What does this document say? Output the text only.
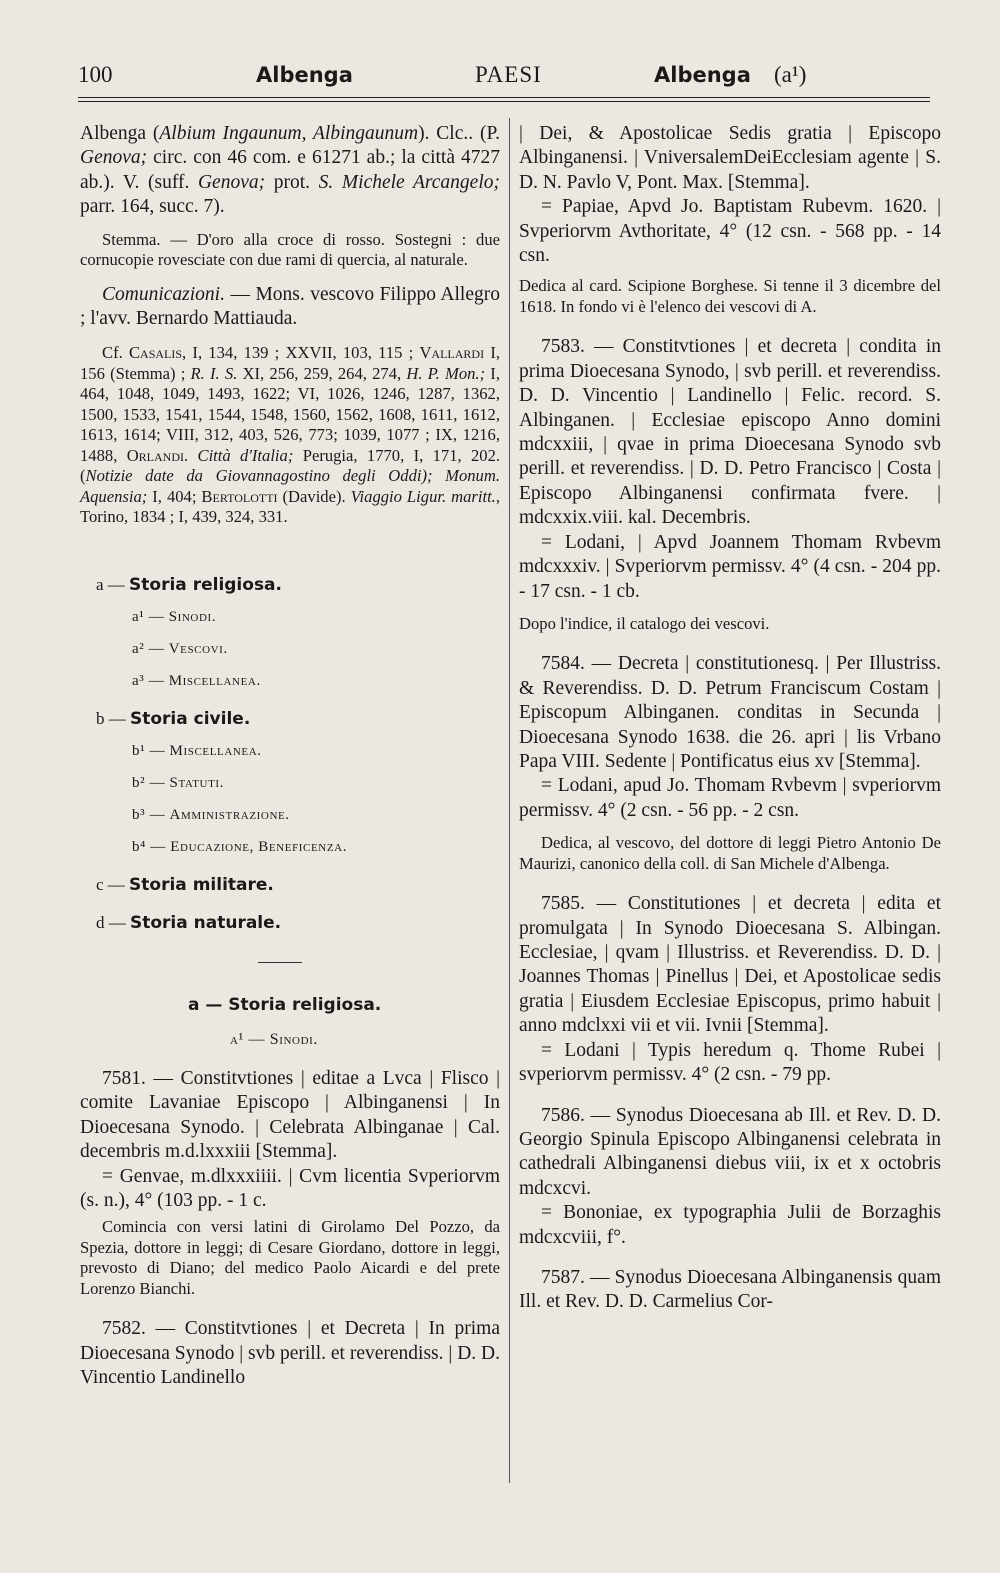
100	Albenga	PAESI	Albenga (a¹)

Albenga (Albium Ingaunum, Albingaunum). Clc.. (P. Genova; circ. con 46 com. e 61271 ab.; la città 4727 ab.). V. (suff. Genova; prot. S. Michele Arcangelo; parr. 164, succ. 7).

Stemma. — D'oro alla croce di rosso. Sostegni : due cornucopie rovesciate con due rami di quercia, al naturale.

Comunicazioni. — Mons. vescovo Filippo Allegro ; l'avv. Bernardo Mattiauda.

Cf. Casalis, I, 134, 139 ; XXVII, 103, 115 ; Vallardi I, 156 (Stemma) ; R. I. S. XI, 256, 259, 264, 274, H. P. Mon.; I, 464, 1048, 1049, 1493, 1622; VI, 1026, 1246, 1287, 1362, 1500, 1533, 1541, 1544, 1548, 1560, 1562, 1608, 1611, 1612, 1613, 1614; VIII, 312, 403, 526, 773; 1039, 1077 ; IX, 1216, 1488, Orlandi. Città d'Italia; Perugia, 1770, I, 171, 202. (Notizie date da Giovannagostino degli Oddi); Monum. Aquensia; I, 404; Bertolotti (Davide). Viaggio Ligur. maritt., Torino, 1834 ; I, 439, 324, 331.

a — Storia religiosa.
a¹ — Sinodi.
a² — Vescovi.
a³ — Miscellanea.
b — Storia civile.
b¹ — Miscellanea.
b² — Statuti.
b³ — Amministrazione.
b⁴ — Educazione, Beneficenza.
c — Storia militare.
d — Storia naturale.
a — Storia religiosa.
a¹ — Sinodi.

7581. — Constitvtiones | editae a Lvca | Flisco | comite Lavaniae Episcopo | Albinganensi | In Dioecesana Synodo. | Celebrata Albinganae | Cal. decembris m.d.lxxxiii [Stemma].

= Genvae, m.dlxxxiiii. | Cvm licentia Svperiorvm (s. n.), 4° (103 pp. - 1 c.

Comincia con versi latini di Girolamo Del Pozzo, da Spezia, dottore in leggi; di Cesare Giordano, dottore in leggi, prevosto di Diano; del medico Paolo Aicardi e del prete Lorenzo Bianchi.

7582. — Constitvtiones | et Decreta | In prima Dioecesana Synodo | svb perill. et reverendiss. | D. D. Vincentio Landinello

| Dei, & Apostolicae Sedis gratia | Episcopo Albinganensi. | VniversalemDeiEcclesiam agente | S. D. N. Pavlo V, Pont. Max. [Stemma].

= Papiae, Apvd Jo. Baptistam Rubevm. 1620. | Svperiorvm Avthoritate, 4° (12 csn. - 568 pp. - 14 csn.

Dedica al card. Scipione Borghese. Si tenne il 3 dicembre del 1618. In fondo vi è l'elenco dei vescovi di A.

7583. — Constitvtiones | et decreta | condita in prima Dioecesana Synodo, | svb perill. et reverendiss. D. D. Vincentio | Landinello | Felic. record. S. Albinganen. | Ecclesiae episcopo Anno domini mdcxxiii, | qvae in prima Dioecesana Synodo svb perill. et reverendiss. | D. D. Petro Francisco | Costa | Episcopo Albinganensi confirmata fvere. | mdcxxix.viii. kal. Decembris.

= Lodani, | Apvd Joannem Thomam Rvbevm mdcxxxiv. | Svperiorvm permissv. 4° (4 csn. - 204 pp. - 17 csn. - 1 cb.

Dopo l'indice, il catalogo dei vescovi.

7584. — Decreta | constitutionesq. | Per Illustriss. & Reverendiss. D. D. Petrum Franciscum Costam | Episcopum Albinganen. conditas in Secunda | Dioecesana Synodo 1638. die 26. apri | lis Vrbano Papa VIII. Sedente | Pontificatus eius xv [Stemma].

= Lodani, apud Jo. Thomam Rvbevm | svperiorvm permissv. 4° (2 csn. - 56 pp. - 2 csn.

Dedica, al vescovo, del dottore di leggi Pietro Antonio De Maurizi, canonico della coll. di San Michele d'Albenga.

7585. — Constitutiones | et decreta | edita et promulgata | In Synodo Dioecesana S. Albingan. Ecclesiae, | qvam | Illustriss. et Reverendiss. D. D. | Joannes Thomas | Pinellus | Dei, et Apostolicae sedis gratia | Eiusdem Ecclesiae Episcopus, primo habuit | anno mdclxxi vii et vii. Ivnii [Stemma].

= Lodani | Typis heredum q. Thome Rubei | svperiorvm permissv. 4° (2 csn. - 79 pp.

7586. — Synodus Dioecesana ab Ill. et Rev. D. D. Georgio Spinula Episcopo Albinganensi celebrata in cathedrali Albinganensi diebus viii, ix et x octobris mdcxcvi.

= Bononiae, ex typographia Julii de Borzaghis mdcxcviii, f°.

7587. — Synodus Dioecesana Albinganensis quam Ill. et Rev. D. D. Carmelius Cor-
